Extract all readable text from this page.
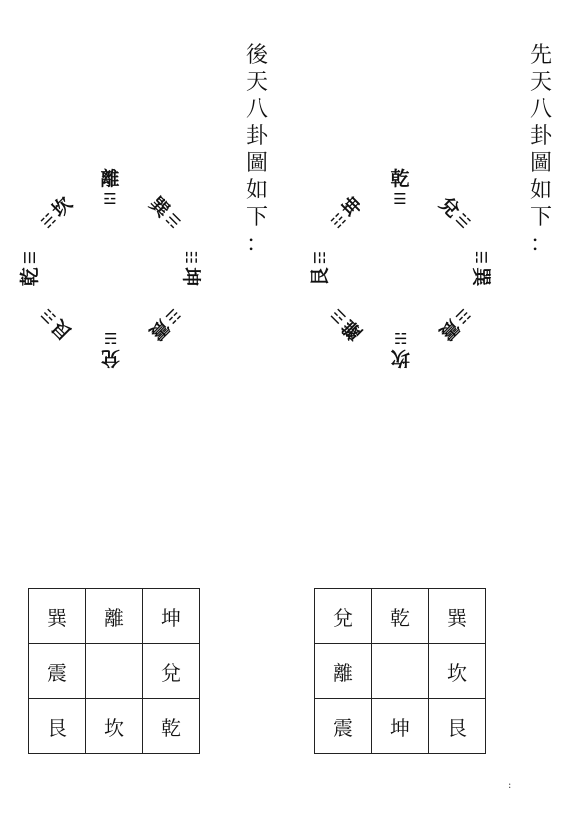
先
天
八
卦
圖
如
下
：
後
天
八
卦
圖
如
下
：
☰
乾
☱
兌
☴
巽
☳
震
☵
坎
☲
離
☶
艮
☷
坤
☲
離
☴
巽
☷
坤
☳
震
☱
兌
☶
艮
☰
乾
☵
坎
巽	離	坤
震		兌
艮	坎	乾
兌	乾	巽
離		坎
震	坤	艮
:
